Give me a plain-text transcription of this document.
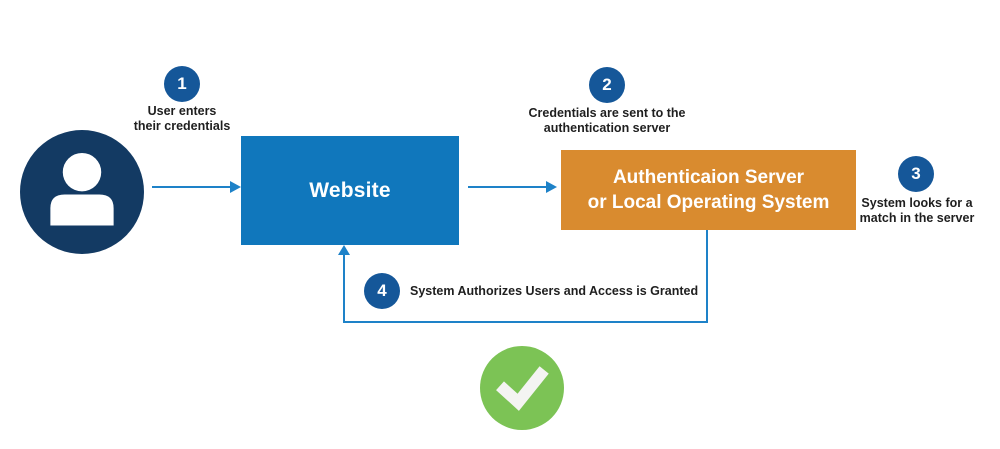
Website
Authenticaion Server
or Local Operating System
1
User enters
their credentials
2
Credentials are sent to the
authentication server
3
System looks for a
match in the server
4 System Authorizes Users and Access is Granted
